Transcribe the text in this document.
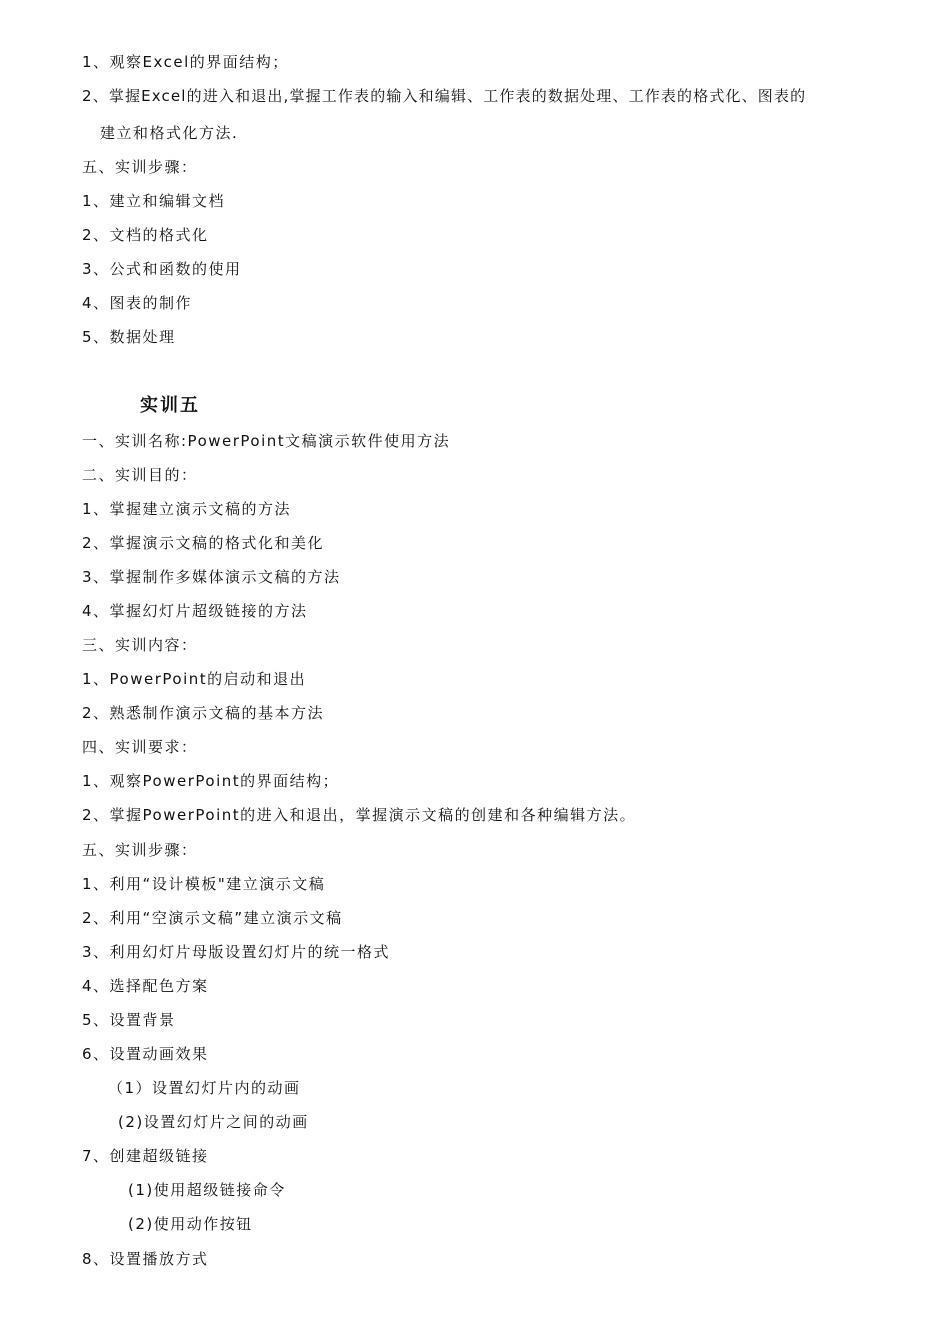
1、观察Excel的界面结构；
2、掌握Excel的进入和退出,掌握工作表的输入和编辑、工作表的数据处理、工作表的格式化、图表的
建立和格式化方法.
五、实训步骤：
1、建立和编辑文档
2、文档的格式化
3、公式和函数的使用
4、图表的制作
5、数据处理
实训五
一、实训名称:PowerPoint文稿演示软件使用方法
二、实训目的：
1、掌握建立演示文稿的方法
2、掌握演示文稿的格式化和美化
3、掌握制作多媒体演示文稿的方法
4、掌握幻灯片超级链接的方法
三、实训内容：
1、PowerPoint的启动和退出
2、熟悉制作演示文稿的基本方法
四、实训要求：
1、观察PowerPoint的界面结构；
2、掌握PowerPoint的进入和退出，掌握演示文稿的创建和各种编辑方法。
五、实训步骤：
1、利用“设计模板"建立演示文稿
2、利用“空演示文稿”建立演示文稿
3、利用幻灯片母版设置幻灯片的统一格式
4、选择配色方案
5、设置背景
6、设置动画效果
（1）设置幻灯片内的动画
(2)设置幻灯片之间的动画
7、创建超级链接
(1)使用超级链接命令
(2)使用动作按钮
8、设置播放方式
